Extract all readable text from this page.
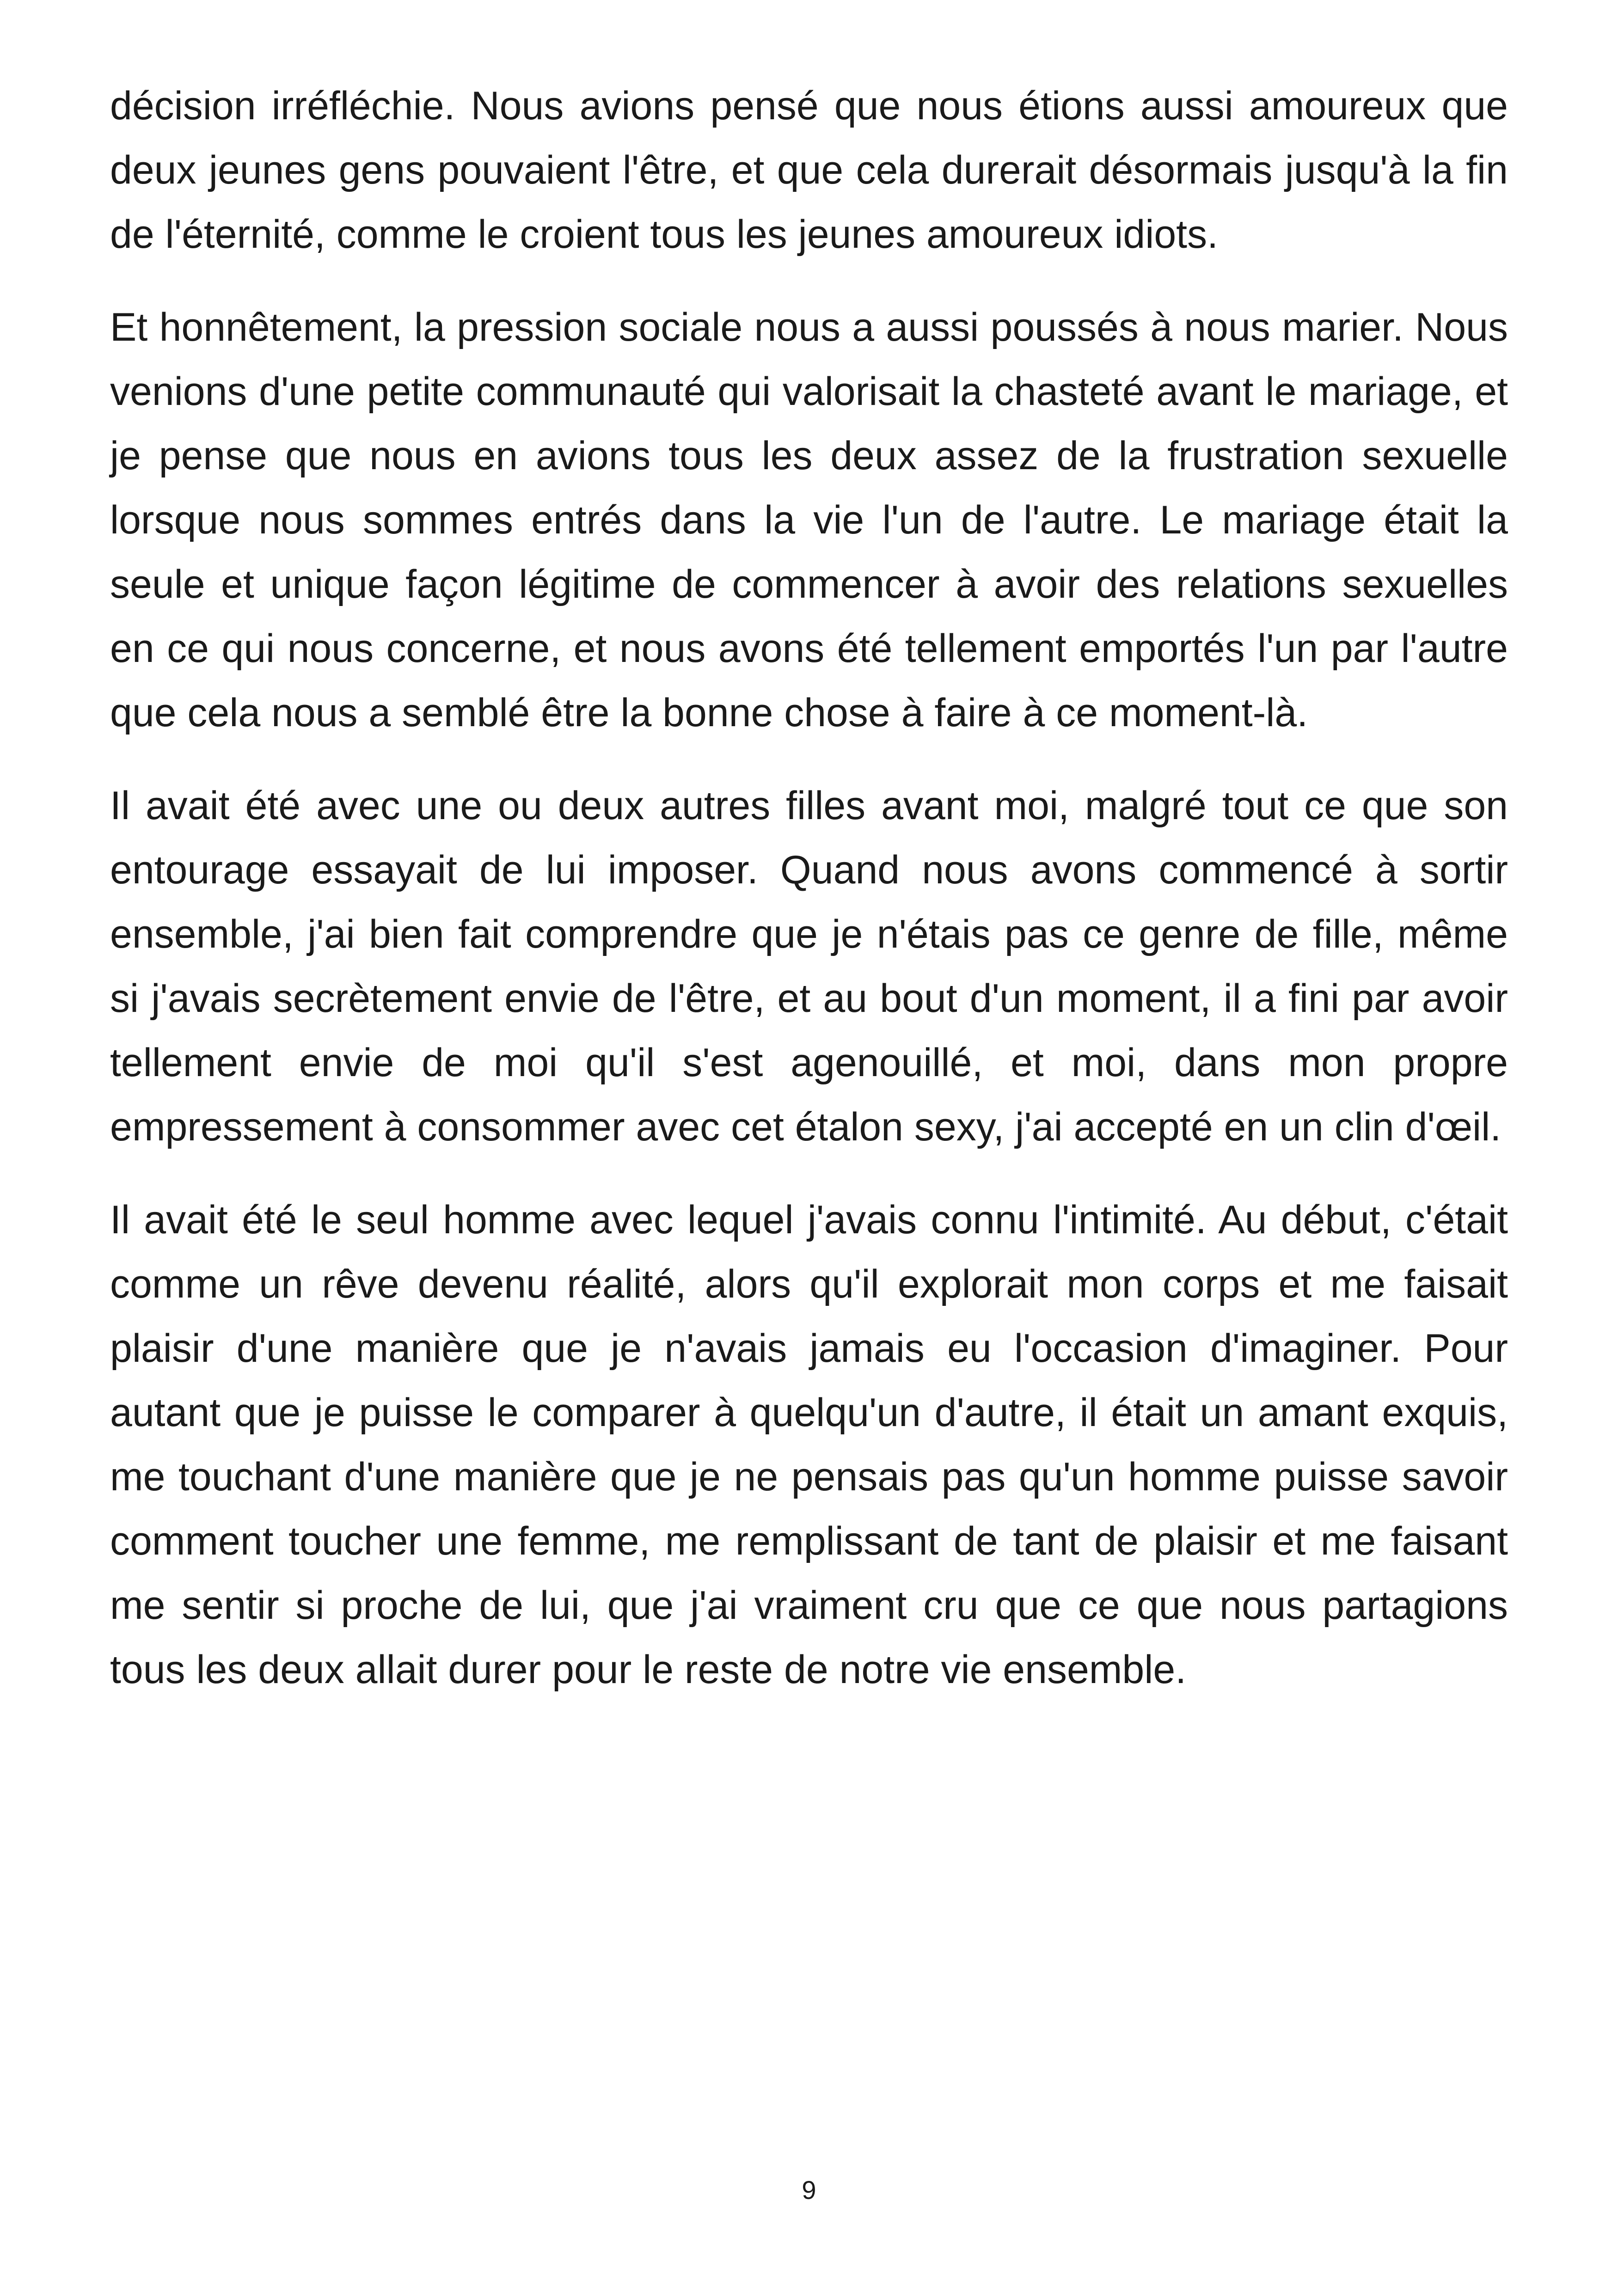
décision irréfléchie. Nous avions pensé que nous étions aussi amoureux que deux jeunes gens pouvaient l'être, et que cela durerait désormais jusqu'à la fin de l'éternité, comme le croient tous les jeunes amoureux idiots.

Et honnêtement, la pression sociale nous a aussi poussés à nous marier. Nous venions d'une petite communauté qui valorisait la chasteté avant le mariage, et je pense que nous en avions tous les deux assez de la frustration sexuelle lorsque nous sommes entrés dans la vie l'un de l'autre. Le mariage était la seule et unique façon légitime de commencer à avoir des relations sexuelles en ce qui nous concerne, et nous avons été tellement emportés l'un par l'autre que cela nous a semblé être la bonne chose à faire à ce moment-là.

Il avait été avec une ou deux autres filles avant moi, malgré tout ce que son entourage essayait de lui imposer. Quand nous avons commencé à sortir ensemble, j'ai bien fait comprendre que je n'étais pas ce genre de fille, même si j'avais secrètement envie de l'être, et au bout d'un moment, il a fini par avoir tellement envie de moi qu'il s'est agenouillé, et moi, dans mon propre empressement à consommer avec cet étalon sexy, j'ai accepté en un clin d'œil.

Il avait été le seul homme avec lequel j'avais connu l'intimité. Au début, c'était comme un rêve devenu réalité, alors qu'il explorait mon corps et me faisait plaisir d'une manière que je n'avais jamais eu l'occasion d'imaginer. Pour autant que je puisse le comparer à quelqu'un d'autre, il était un amant exquis, me touchant d'une manière que je ne pensais pas qu'un homme puisse savoir comment toucher une femme, me remplissant de tant de plaisir et me faisant me sentir si proche de lui, que j'ai vraiment cru que ce que nous partagions tous les deux allait durer pour le reste de notre vie ensemble.

9
